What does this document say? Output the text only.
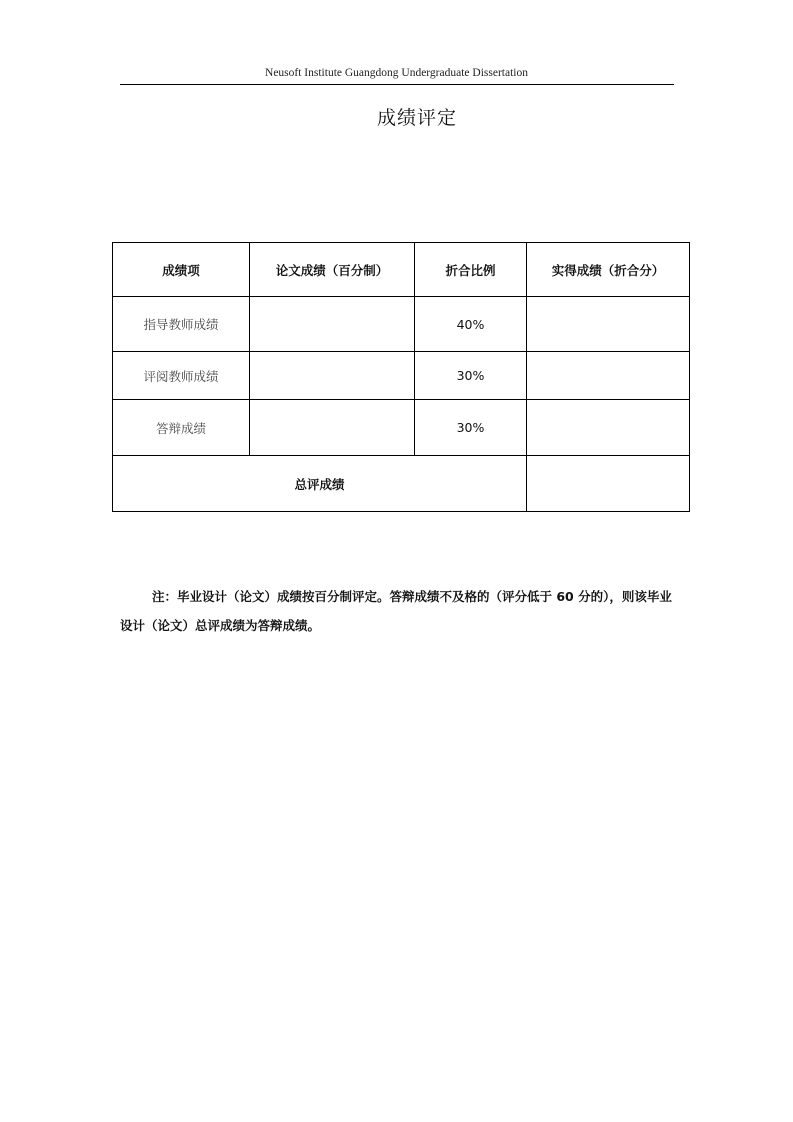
Neusoft Institute Guangdong Undergraduate Dissertation
成绩评定
成绩项	论文成绩（百分制）	折合比例	实得成绩（折合分）
指导教师成绩		40%	
评阅教师成绩		30%	
答辩成绩		30%	
总评成绩			
注：毕业设计（论文）成绩按百分制评定。答辩成绩不及格的（评分低于 60 分的），则该毕业设计（论文）总评成绩为答辩成绩。
